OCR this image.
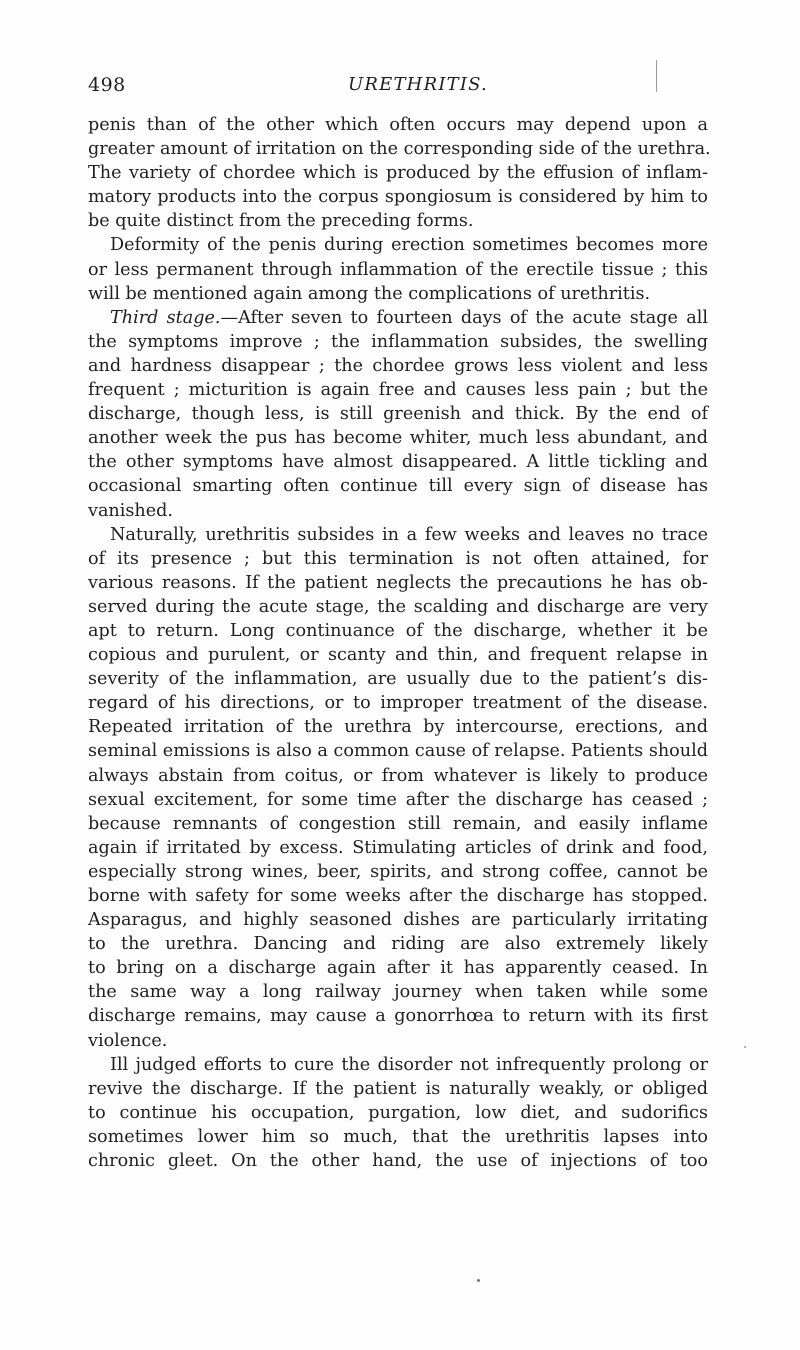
498	URETHRITIS.
penis than of the other which often occurs may depend upon a
greater amount of irritation on the corresponding side of the urethra.
The variety of chordee which is produced by the effusion of inflam-
matory products into the corpus spongiosum is considered by him to
be quite distinct from the preceding forms.
Deformity of the penis during erection sometimes becomes more
or less permanent through inflammation of the erectile tissue ; this
will be mentioned again among the complications of urethritis.
Third stage.—After seven to fourteen days of the acute stage all
the symptoms improve ; the inflammation subsides, the swelling
and hardness disappear ; the chordee grows less violent and less
frequent ; micturition is again free and causes less pain ; but the
discharge, though less, is still greenish and thick. By the end of
another week the pus has become whiter, much less abundant, and
the other symptoms have almost disappeared. A little tickling and
occasional smarting often continue till every sign of disease has
vanished.
Naturally, urethritis subsides in a few weeks and leaves no trace
of its presence ; but this termination is not often attained, for
various reasons. If the patient neglects the precautions he has ob-
served during the acute stage, the scalding and discharge are very
apt to return. Long continuance of the discharge, whether it be
copious and purulent, or scanty and thin, and frequent relapse in
severity of the inflammation, are usually due to the patient’s dis-
regard of his directions, or to improper treatment of the disease.
Repeated irritation of the urethra by intercourse, erections, and
seminal emissions is also a common cause of relapse. Patients should
always abstain from coitus, or from whatever is likely to produce
sexual excitement, for some time after the discharge has ceased ;
because remnants of congestion still remain, and easily inflame
again if irritated by excess. Stimulating articles of drink and food,
especially strong wines, beer, spirits, and strong coffee, cannot be
borne with safety for some weeks after the discharge has stopped.
Asparagus, and highly seasoned dishes are particularly irritating
to the urethra. Dancing and riding are also extremely likely
to bring on a discharge again after it has apparently ceased. In
the same way a long railway journey when taken while some
discharge remains, may cause a gonorrhœa to return with its first
violence.
Ill judged efforts to cure the disorder not infrequently prolong or
revive the discharge. If the patient is naturally weakly, or obliged
to continue his occupation, purgation, low diet, and sudorifics
sometimes lower him so much, that the urethritis lapses into
chronic gleet. On the other hand, the use of injections of too
